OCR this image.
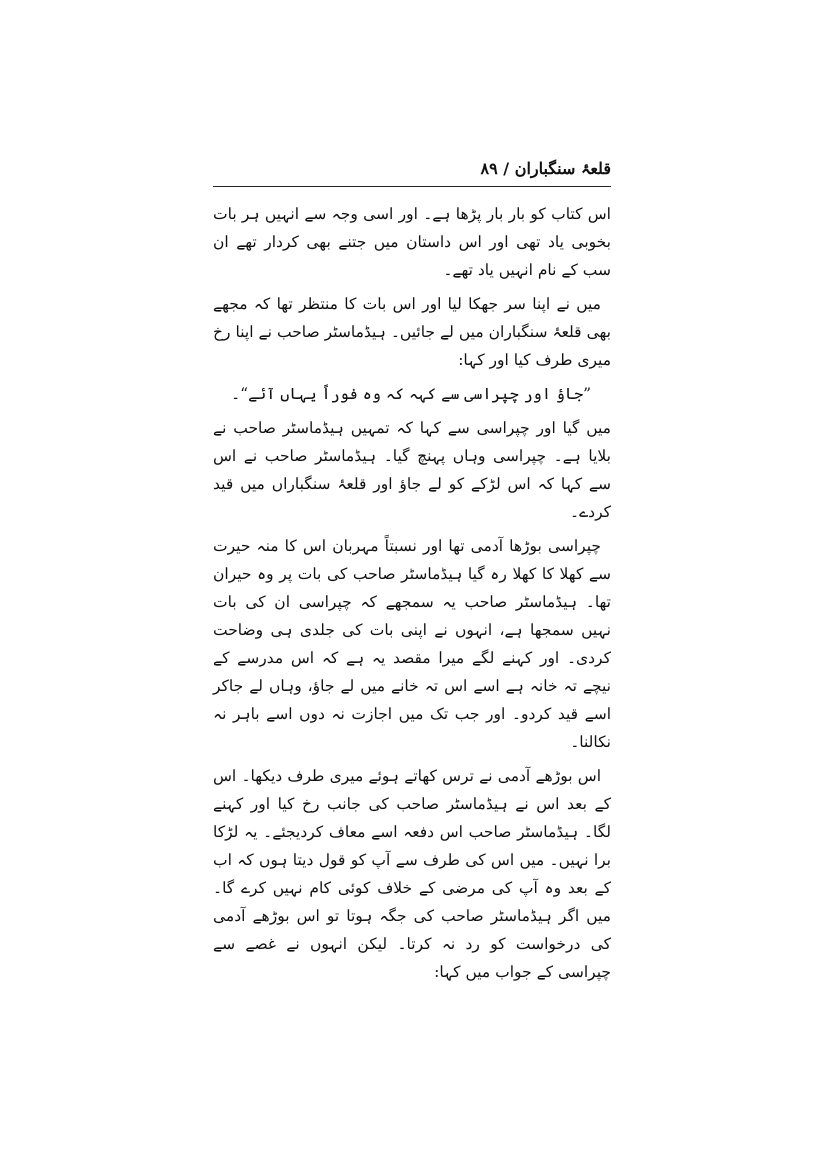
قلعۂ سنگباران / ۸۹

اس کتاب کو بار بار پڑھا ہے۔ اور اسی وجہ سے انہیں ہر بات بخوبی یاد تھی اور اس داستان میں جتنے بھی کردار تھے ان سب کے نام انہیں یاد تھے۔

میں نے اپنا سر جھکا لیا اور اس بات کا منتظر تھا کہ مجھے بھی قلعۂ سنگباران میں لے جائیں۔ ہیڈماسٹر صاحب نے اپنا رخ میری طرف کیا اور کہا:

”جاؤ اور چپراسی سے کہہ کہ وہ فوراً یہاں آئے“۔

میں گیا اور چپراسی سے کہا کہ تمہیں ہیڈماسٹر صاحب نے بلایا ہے۔ چپراسی وہاں پہنچ گیا۔ ہیڈماسٹر صاحب نے اس سے کہا کہ اس لڑکے کو لے جاؤ اور قلعۂ سنگباراں میں قید کردے۔

چپراسی بوڑھا آدمی تھا اور نسبتاً مہربان اس کا منہ حیرت سے کھلا کا کھلا رہ گیا ہیڈماسٹر صاحب کی بات پر وہ حیران تھا۔ ہیڈماسٹر صاحب یہ سمجھے کہ چپراسی ان کی بات نہیں سمجھا ہے، انہوں نے اپنی بات کی جلدی ہی وضاحت کردی۔ اور کہنے لگے میرا مقصد یہ ہے کہ اس مدرسے کے نیچے تہ خانہ ہے اسے اس تہ خانے میں لے جاؤ، وہاں لے جاکر اسے قید کردو۔ اور جب تک میں اجازت نہ دوں اسے باہر نہ نکالنا۔

اس بوڑھے آدمی نے ترس کھاتے ہوئے میری طرف دیکھا۔ اس کے بعد اس نے ہیڈماسٹر صاحب کی جانب رخ کیا اور کہنے لگا۔ ہیڈماسٹر صاحب اس دفعہ اسے معاف کردیجئے۔ یہ لڑکا برا نہیں۔ میں اس کی طرف سے آپ کو قول دیتا ہوں کہ اب کے بعد وہ آپ کی مرضی کے خلاف کوئی کام نہیں کرے گا۔ میں اگر ہیڈماسٹر صاحب کی جگہ ہوتا تو اس بوڑھے آدمی کی درخواست کو رد نہ کرتا۔ لیکن انہوں نے غصے سے چپراسی کے جواب میں کہا:
